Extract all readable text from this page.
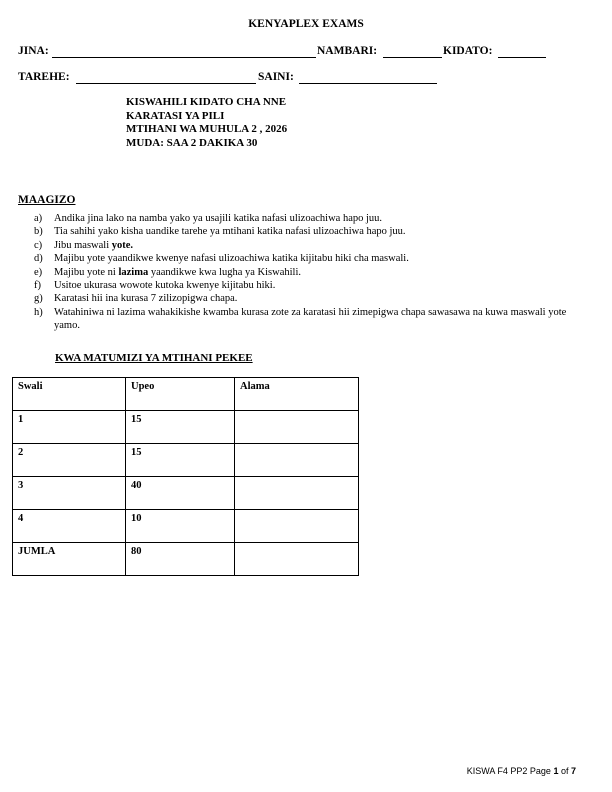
KENYAPLEX EXAMS
JINA:	NAMBARI:	KIDATO:
TAREHE:	SAINI:
KISWAHILI KIDATO CHA NNE
KARATASI YA PILI
MTIHANI WA MUHULA 2 , 2026
MUDA: SAA 2 DAKIKA 30
MAAGIZO
a) Andika jina lako na namba yako ya usajili katika nafasi ulizoachiwa hapo juu.
b) Tia sahihi yako kisha uandike tarehe ya mtihani katika nafasi ulizoachiwa hapo juu.
c) Jibu maswali yote.
d) Majibu yote yaandikwe kwenye nafasi ulizoachiwa katika kijitabu hiki cha maswali.
e) Majibu yote ni lazima yaandikwe kwa lugha ya Kiswahili.
f) Usitoe ukurasa wowote kutoka kwenye kijitabu hiki.
g) Karatasi hii ina kurasa 7 zilizopigwa chapa.
h) Watahiniwa ni lazima wahakikishe kwamba kurasa zote za karatasi hii zimepigwa chapa sawasawa na kuwa maswali yote yamo.
KWA MATUMIZI YA MTIHANI PEKEE
Swali	Upeo	Alama
1	15	
2	15	
3	40	
4	10	
JUMLA	80	
KISWA F4 PP2 Page 1 of 7
